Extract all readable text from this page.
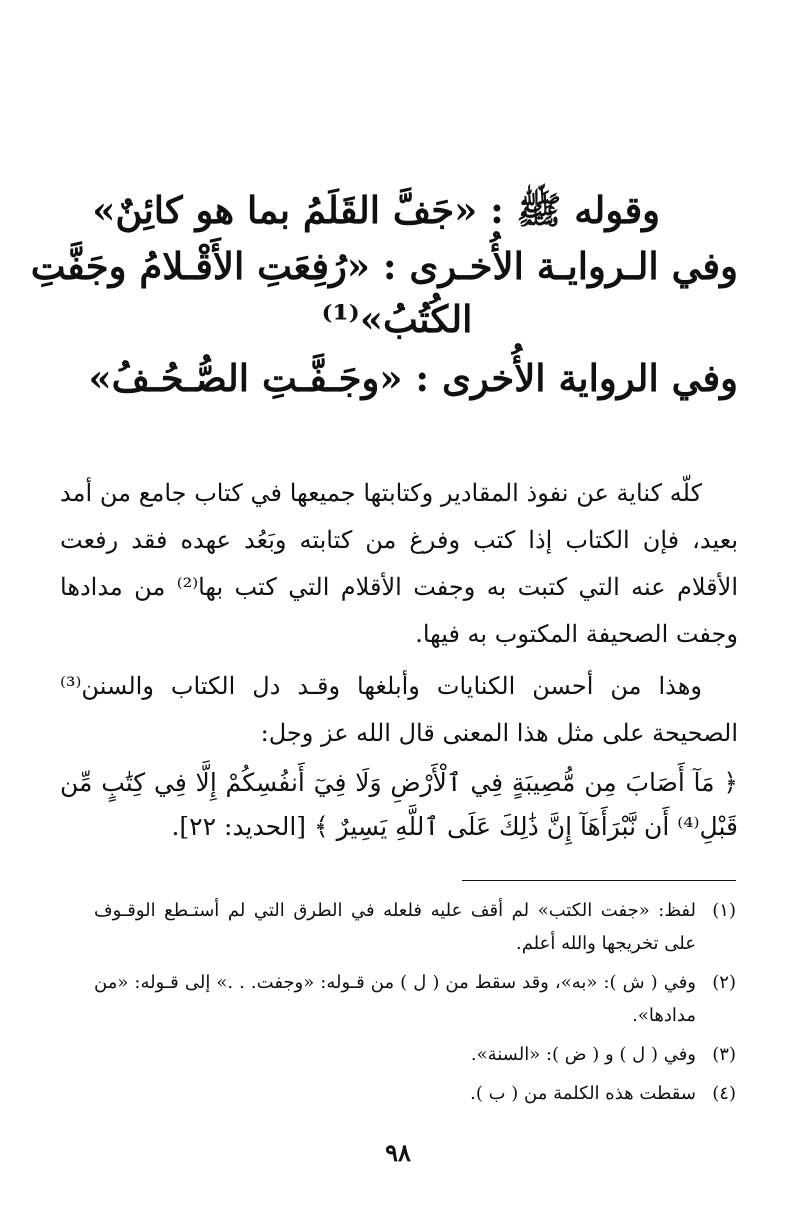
وقوله ﷺ : «جَفَّ القَلَمُ بما هو كائِنٌ»

وفي الـروايـة الأُخـرى : «رُفِعَتِ الأَقْـلامُ وجَفَّتِ

الكُتُبُ»⁽¹⁾

وفي الرواية الأُخرى : «وجَـفَّـتِ الصُّـحُـفُ»

كلّه كناية عن نفوذ المقادير وكتابتها جميعها في كتاب جامع من أمد بعيد، فإن الكتاب إذا كتب وفرغ من كتابته وبَعُد عهده فقد رفعت الأقلام عنه التي كتبت به وجفت الأقلام التي كتب بها⁽²⁾ من مدادها وجفت الصحيفة المكتوب به فيها.

وهذا من أحسن الكنايات وأبلغها وقـد دل الكتاب والسنن⁽³⁾ الصحيحة على مثل هذا المعنى قال الله عز وجل:

﴿ مَآ أَصَابَ مِن مُّصِيبَةٍ فِي ٱلْأَرْضِ وَلَا فِيٓ أَنفُسِكُمْ إِلَّا فِي كِتَٰبٍ مِّن قَبْلِ⁽⁴⁾ أَن نَّبْرَأَهَآ إِنَّ ذَٰلِكَ عَلَى ٱللَّهِ يَسِيرٌ ﴾ [الحديد: ٢٢].

(١)
لفظ: «جفت الكتب» لم أقف عليه فلعله في الطرق التي لم أستـطع الوقـوف على تخريجها والله أعلم.
(٢)
وفي ( ش ): «به»، وقد سقط من ( ل ) من قـوله: «وجفت. . .» إلى قـوله: «من مدادها».
(٣)
وفي ( ل ) و ( ض ): «السنة».
(٤)
سقطت هذه الكلمة من ( ب ).
٩٨
